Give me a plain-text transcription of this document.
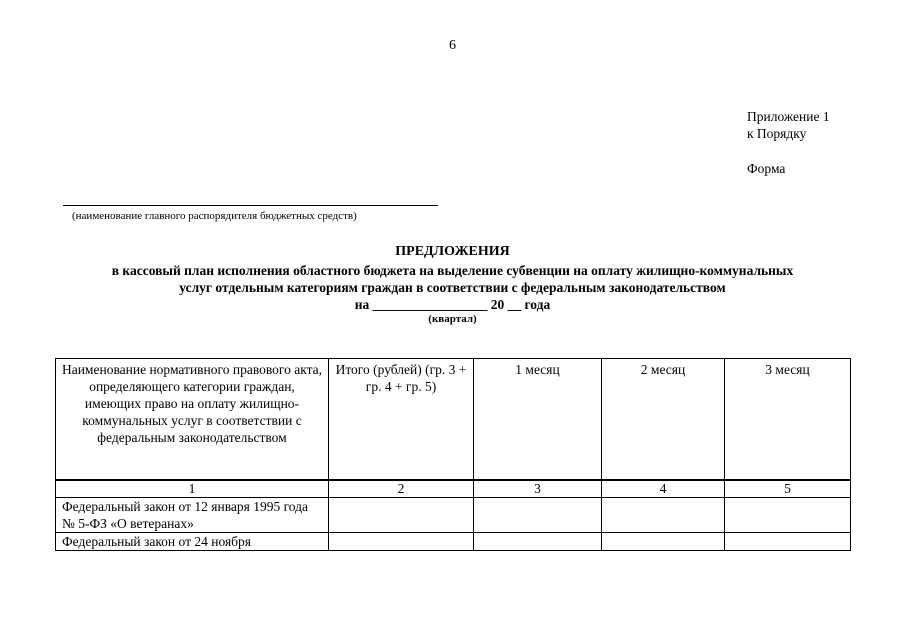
6
Приложение 1
к Порядку
Форма
(наименование главного распорядителя бюджетных средств)
ПРЕДЛОЖЕНИЯ
в кассовый план исполнения областного бюджета на выделение субвенции на оплату жилищно-коммунальных
услуг отдельным категориям граждан в соответствии с федеральным законодательством
на _________________ 20 __ года
(квартал)
Наименование нормативного правового акта, определяющего категории граждан, имеющих право на оплату жилищно-коммунальных услуг в соответствии с федеральным законодательством	Итого (рублей) (гр. 3 + гр. 4 + гр. 5)	1 месяц	2 месяц	3 месяц
1	2	3	4	5
Федеральный закон от 12 января 1995 года № 5-ФЗ «О ветеранах»				
Федеральный закон от 24 ноября				
